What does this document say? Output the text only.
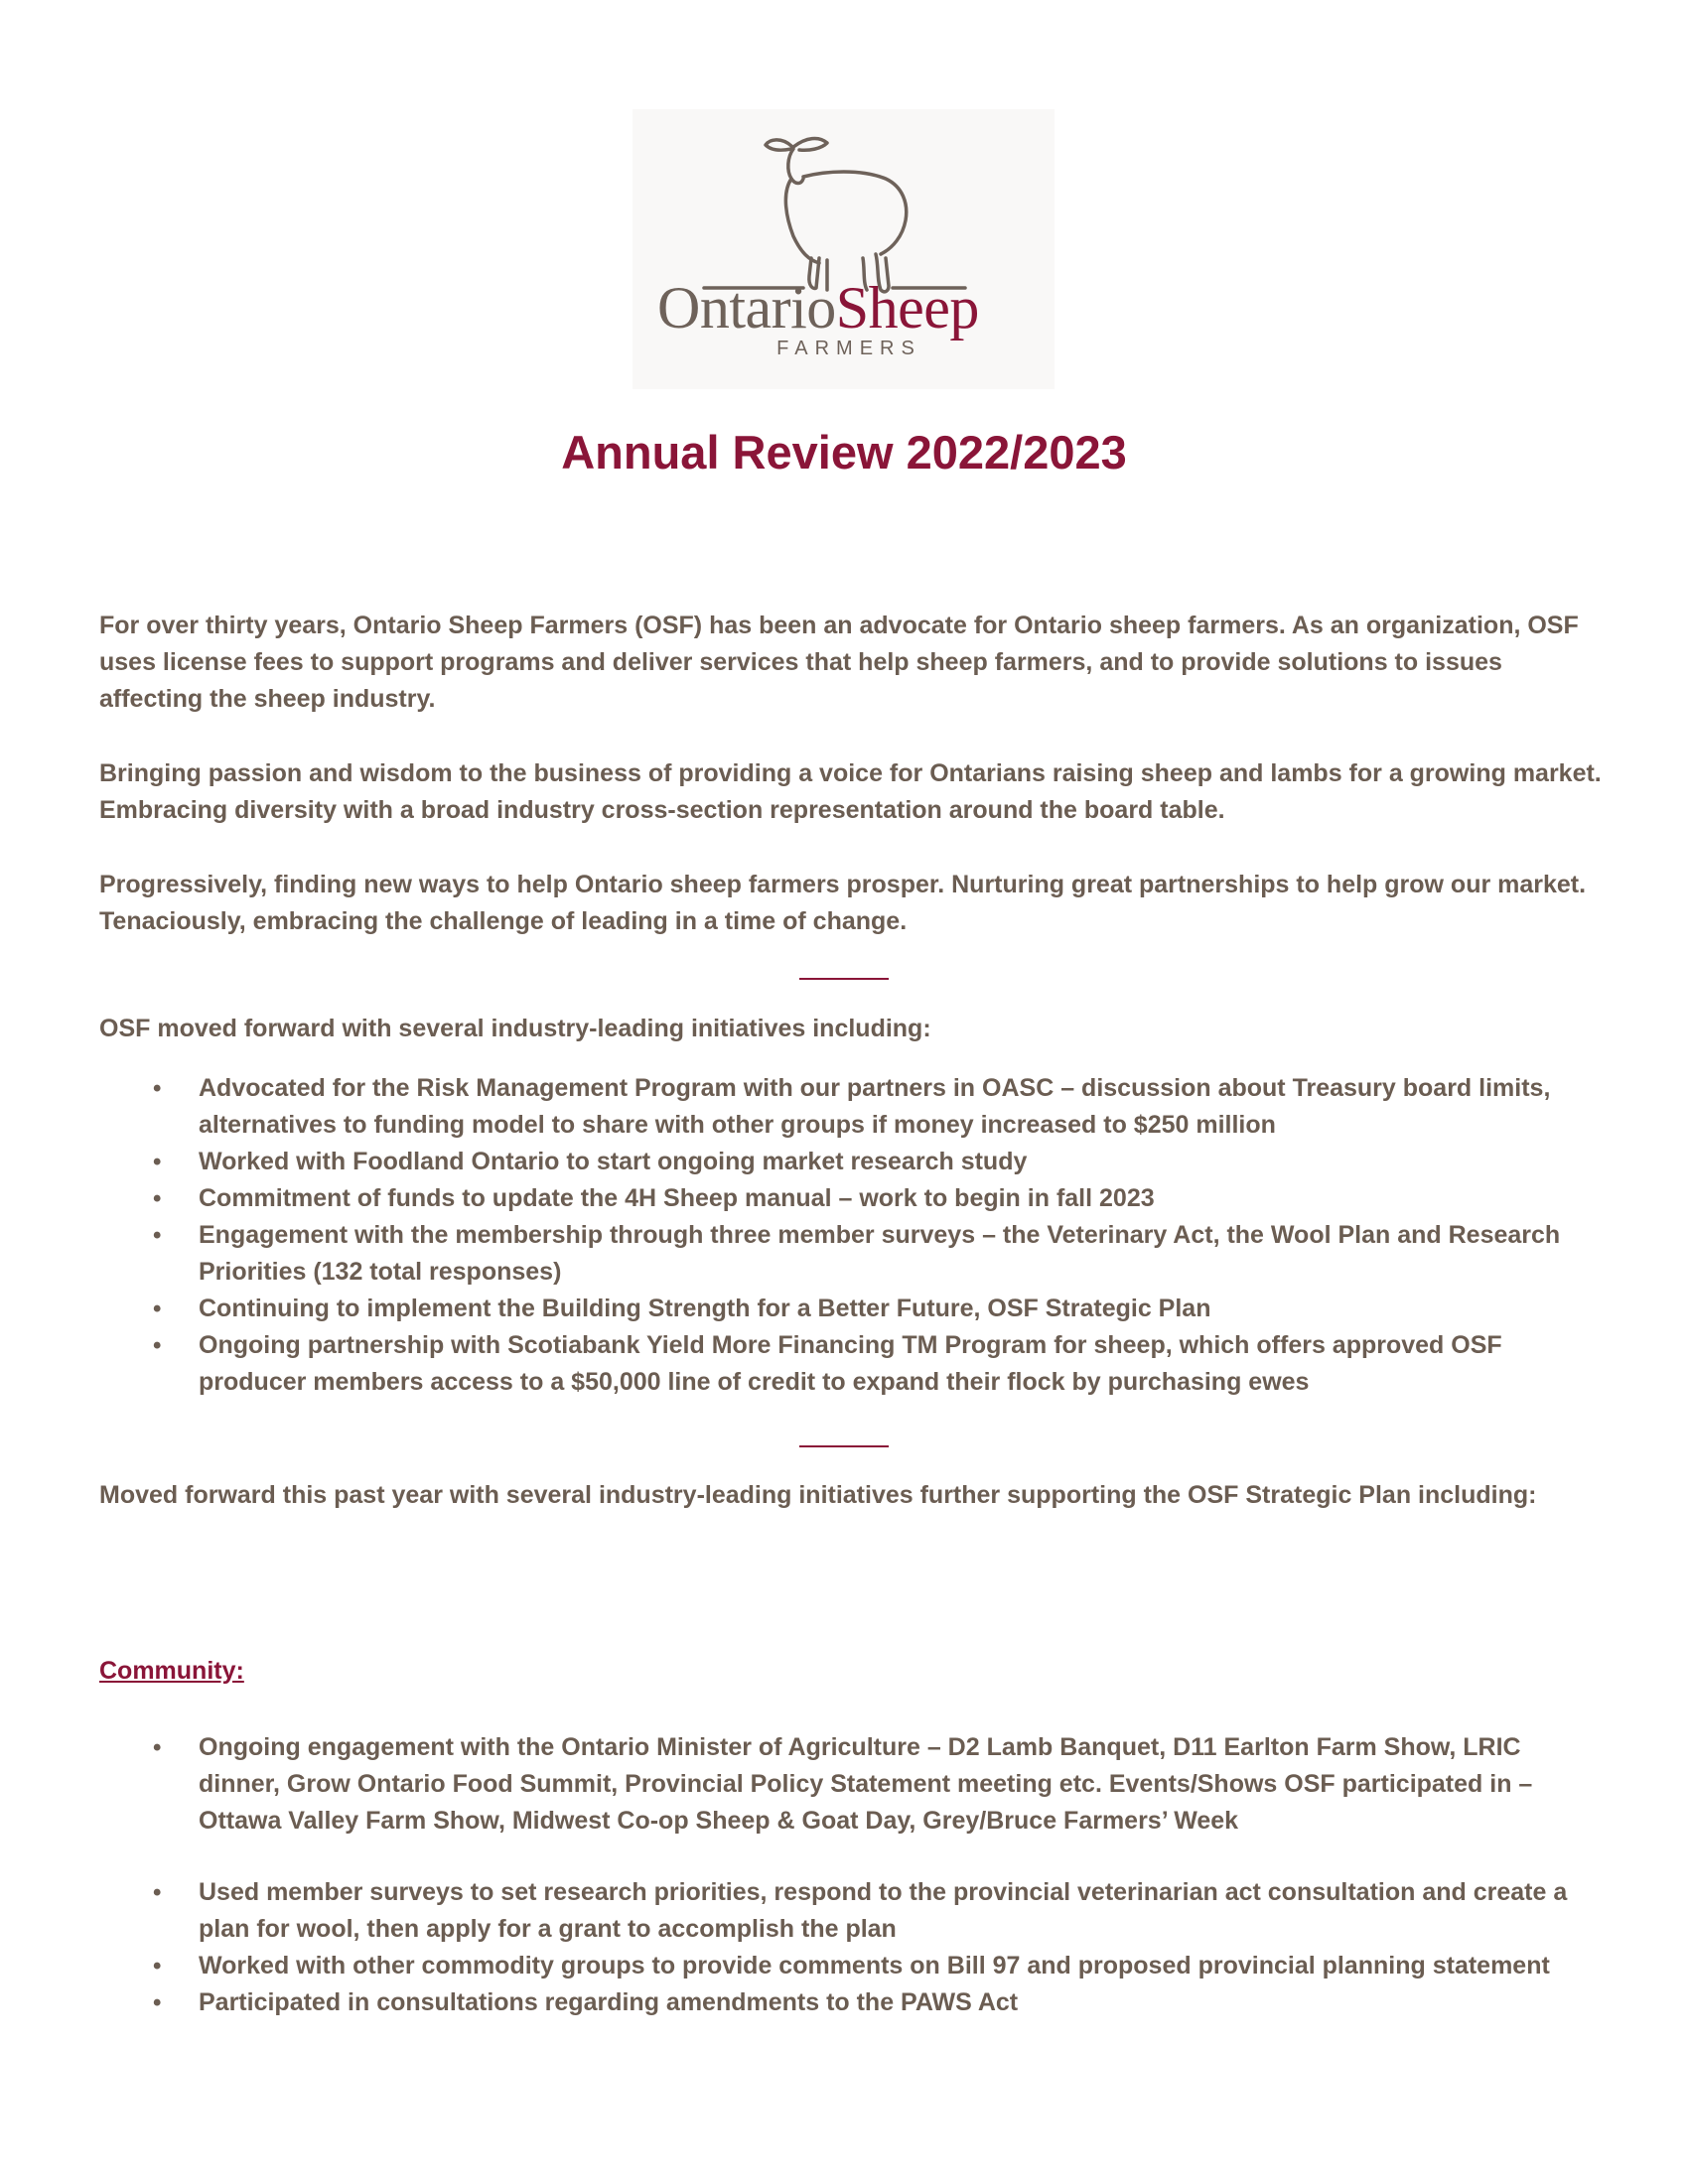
OntarioSheep
FARMERS
Annual Review 2022/2023

For over thirty years, Ontario Sheep Farmers (OSF) has been an advocate for Ontario sheep farmers. As an organization, OSF uses license fees to support programs and deliver services that help sheep farmers, and to provide solutions to issues affecting the sheep industry.

Bringing passion and wisdom to the business of providing a voice for Ontarians raising sheep and lambs for a growing market. Embracing diversity with a broad industry cross-section representation around the board table.

Progressively, finding new ways to help Ontario sheep farmers prosper. Nurturing great partnerships to help grow our market. Tenaciously, embracing the challenge of leading in a time of change.

OSF moved forward with several industry-leading initiatives including:

• Advocated for the Risk Management Program with our partners in OASC – discussion about Treasury board limits, alternatives to funding model to share with other groups if money increased to $250 million
• Worked with Foodland Ontario to start ongoing market research study
• Commitment of funds to update the 4H Sheep manual – work to begin in fall 2023
• Engagement with the membership through three member surveys – the Veterinary Act, the Wool Plan and Research Priorities (132 total responses)
• Continuing to implement the Building Strength for a Better Future, OSF Strategic Plan
• Ongoing partnership with Scotiabank Yield More Financing TM Program for sheep, which offers approved OSF producer members access to a $50,000 line of credit to expand their flock by purchasing ewes

Moved forward this past year with several industry-leading initiatives further supporting the OSF Strategic Plan including:

Community:

• Ongoing engagement with the Ontario Minister of Agriculture – D2 Lamb Banquet, D11 Earlton Farm Show, LRIC dinner, Grow Ontario Food Summit, Provincial Policy Statement meeting etc. Events/Shows OSF participated in – Ottawa Valley Farm Show, Midwest Co-op Sheep & Goat Day, Grey/Bruce Farmers’ Week
• Used member surveys to set research priorities, respond to the provincial veterinarian act consultation and create a plan for wool, then apply for a grant to accomplish the plan
• Worked with other commodity groups to provide comments on Bill 97 and proposed provincial planning statement
• Participated in consultations regarding amendments to the PAWS Act
